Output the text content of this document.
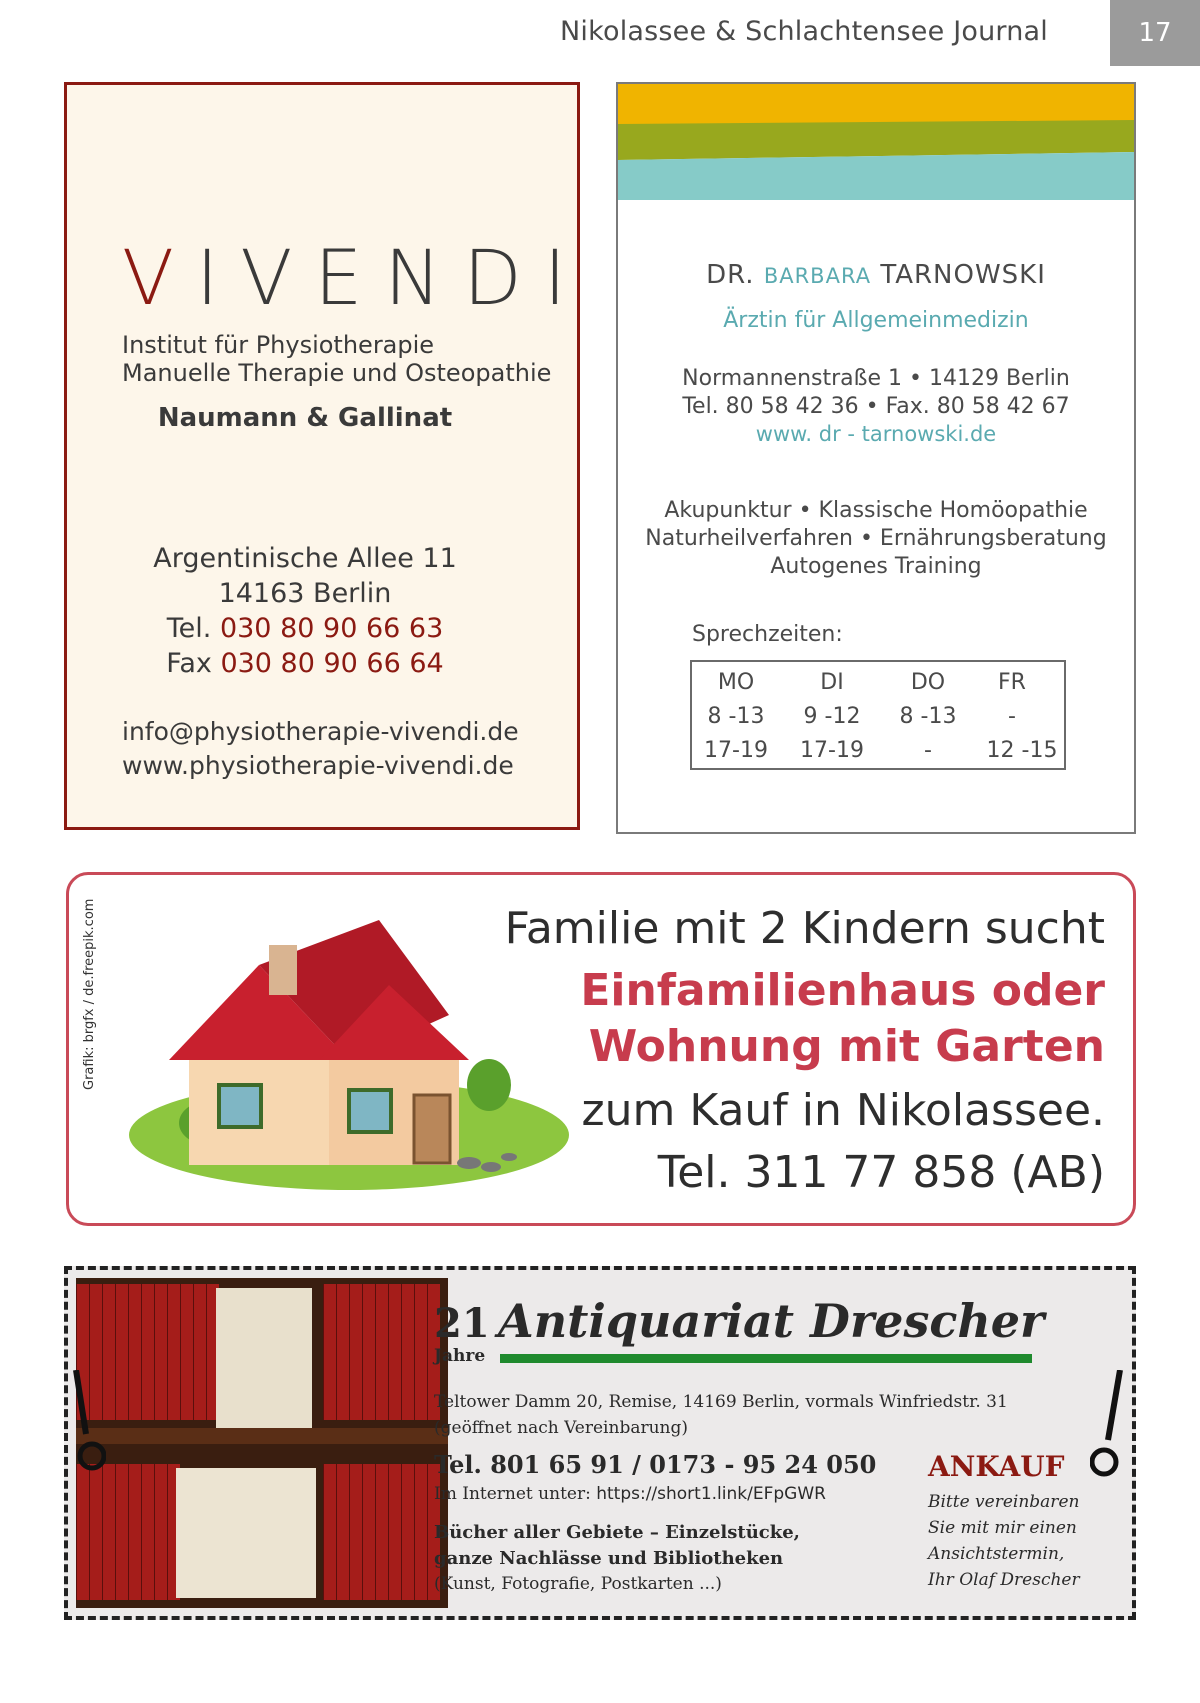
Nikolassee & Schlachtensee Journal	17
VIVENDI
Institut für Physiotherapie
Manuelle Therapie und Osteopathie
Naumann & Gallinat
Argentinische Allee 11
14163 Berlin
Tel. 030 80 90 66 63
Fax 030 80 90 66 64
info@physiotherapie-vivendi.de
www.physiotherapie-vivendi.de
DR. BARBARA TARNOWSKI
Ärztin für Allgemeinmedizin
Normannenstraße 1 • 14129 Berlin
Tel. 80 58 42 36 • Fax. 80 58 42 67
www. dr - tarnowski.de
Akupunktur • Klassische Homöopathie
Naturheilverfahren • Ernährungsberatung
Autogenes Training
Sprechzeiten:
MO
8 -13
17-19
DI
9 -12
17-19
DO
8 -13
-
FR
-
12 -15
Familie mit 2 Kindern sucht
Einfamilienhaus oder
Wohnung mit Garten
zum Kauf in Nikolassee.
Tel. 311 77 858 (AB)
Grafik: brgfx / de.freepik.com
21
Jahre
Antiquariat Drescher
Teltower Damm 20, Remise, 14169 Berlin, vormals Winfriedstr. 31
(geöffnet nach Vereinbarung)
Tel. 801 65 91 / 0173 - 95 24 050
Im Internet unter: https://short1.link/EFpGWR
Bücher aller Gebiete – Einzelstücke,
ganze Nachlässe und Bibliotheken
(Kunst, Fotografie, Postkarten ...)
ANKAUF
Bitte vereinbaren
Sie mit mir einen
Ansichtstermin,
Ihr Olaf Drescher
